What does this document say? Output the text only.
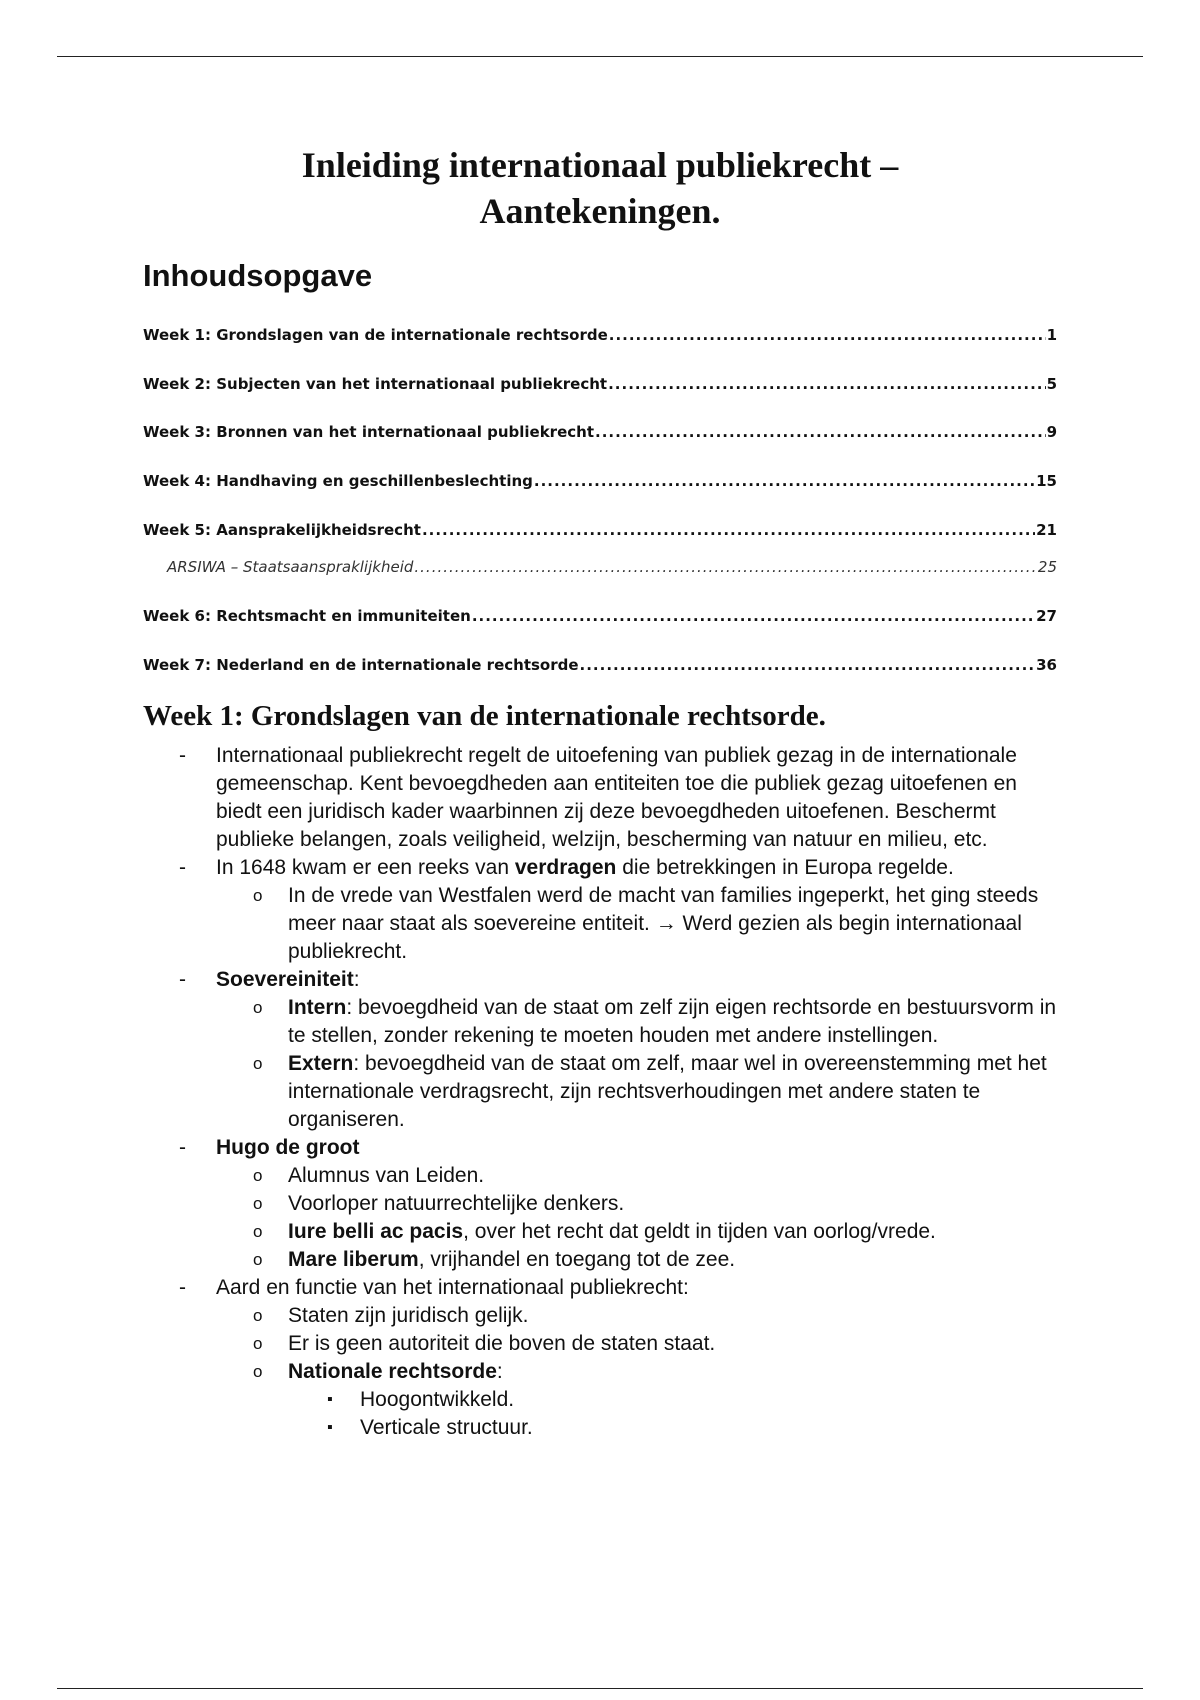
Inleiding internationaal publiekrecht –
Aantekeningen.
Inhoudsopgave
Week 1: Grondslagen van de internationale rechtsorde .....	1
Week 2: Subjecten van het internationaal publiekrecht .....	5
Week 3: Bronnen van het internationaal publiekrecht .....	9
Week 4: Handhaving en geschillenbeslechting .....	15
Week 5: Aansprakelijkheidsrecht .....	21
ARSIWA – Staatsaanspraklijkheid .....	25
Week 6: Rechtsmacht en immuniteiten .....	27
Week 7: Nederland en de internationale rechtsorde .....	36
Week 1: Grondslagen van de internationale rechtsorde.
- Internationaal publiekrecht regelt de uitoefening van publiek gezag in de internationale gemeenschap. Kent bevoegdheden aan entiteiten toe die publiek gezag uitoefenen en biedt een juridisch kader waarbinnen zij deze bevoegdheden uitoefenen. Beschermt publieke belangen, zoals veiligheid, welzijn, bescherming van natuur en milieu, etc.
- In 1648 kwam er een reeks van verdragen die betrekkingen in Europa regelde.
o In de vrede van Westfalen werd de macht van families ingeperkt, het ging steeds meer naar staat als soevereine entiteit. → Werd gezien als begin internationaal publiekrecht.
- Soevereiniteit:
o Intern: bevoegdheid van de staat om zelf zijn eigen rechtsorde en bestuursvorm in te stellen, zonder rekening te moeten houden met andere instellingen.
o Extern: bevoegdheid van de staat om zelf, maar wel in overeenstemming met het internationale verdragsrecht, zijn rechtsverhoudingen met andere staten te organiseren.
- Hugo de groot
o Alumnus van Leiden.
o Voorloper natuurrechtelijke denkers.
o Iure belli ac pacis, over het recht dat geldt in tijden van oorlog/vrede.
o Mare liberum, vrijhandel en toegang tot de zee.
- Aard en functie van het internationaal publiekrecht:
o Staten zijn juridisch gelijk.
o Er is geen autoriteit die boven de staten staat.
o Nationale rechtsorde:
▪ Hoogontwikkeld.
▪ Verticale structuur.
